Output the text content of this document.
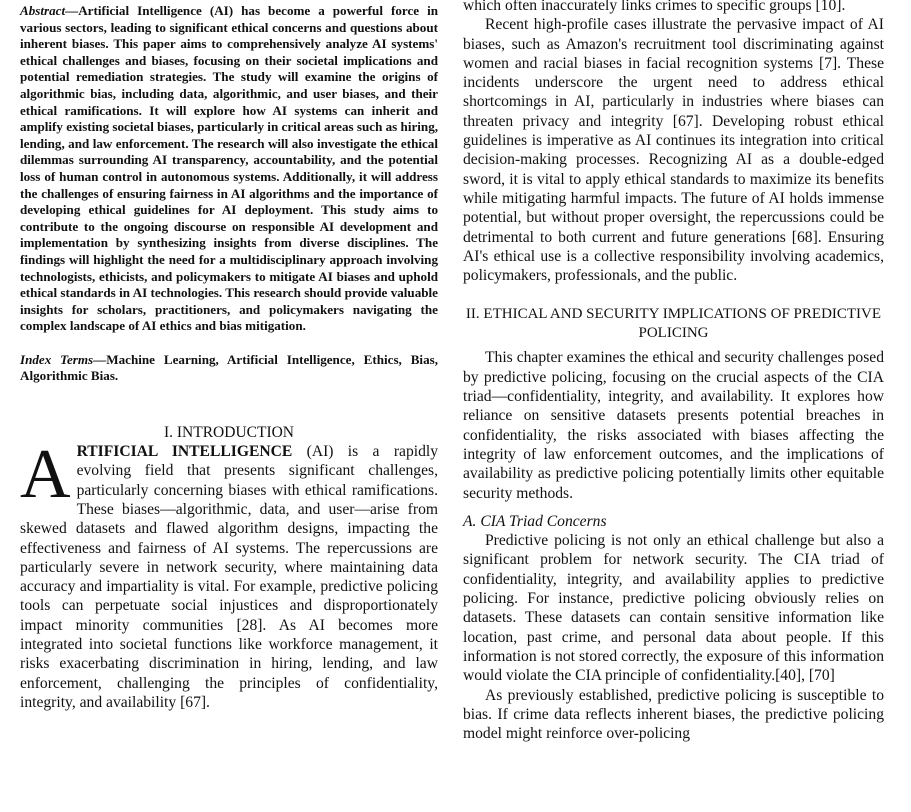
Abstract—Artificial Intelligence (AI) has become a powerful force in various sectors, leading to significant ethical concerns and questions about inherent biases. This paper aims to comprehensively analyze AI systems' ethical challenges and biases, focusing on their societal implications and potential remediation strategies. The study will examine the origins of algorithmic bias, including data, algorithmic, and user biases, and their ethical ramifications. It will explore how AI systems can inherit and amplify existing societal biases, particularly in critical areas such as hiring, lending, and law enforcement. The research will also investigate the ethical dilemmas surrounding AI transparency, accountability, and the potential loss of human control in autonomous systems. Additionally, it will address the challenges of ensuring fairness in AI algorithms and the importance of developing ethical guidelines for AI deployment. This study aims to contribute to the ongoing discourse on responsible AI development and implementation by synthesizing insights from diverse disciplines. The findings will highlight the need for a multidisciplinary approach involving technologists, ethicists, and policymakers to mitigate AI biases and uphold ethical standards in AI technologies. This research should provide valuable insights for scholars, practitioners, and policymakers navigating the complex landscape of AI ethics and bias mitigation.

Index Terms—Machine Learning, Artificial Intelligence, Ethics, Bias, Algorithmic Bias.

I. INTRODUCTION

ARTIFICIAL INTELLIGENCE (AI) is a rapidly evolving field that presents significant challenges, particularly concerning biases with ethical ramifications. These biases—algorithmic, data, and user—arise from skewed datasets and flawed algorithm designs, impacting the effectiveness and fairness of AI systems. The repercussions are particularly severe in network security, where maintaining data accuracy and impartiality is vital. For example, predictive policing tools can perpetuate social injustices and disproportionately impact minority communities [28]. As AI becomes more integrated into societal functions like workforce management, it risks exacerbating discrimination in hiring, lending, and law enforcement, challenging the principles of confidentiality, integrity, and availability [67].

which often inaccurately links crimes to specific groups [10].

Recent high-profile cases illustrate the pervasive impact of AI biases, such as Amazon's recruitment tool discriminating against women and racial biases in facial recognition systems [7]. These incidents underscore the urgent need to address ethical shortcomings in AI, particularly in industries where biases can threaten privacy and integrity [67]. Developing robust ethical guidelines is imperative as AI continues its integration into critical decision-making processes. Recognizing AI as a double-edged sword, it is vital to apply ethical standards to maximize its benefits while mitigating harmful impacts. The future of AI holds immense potential, but without proper oversight, the repercussions could be detrimental to both current and future generations [68]. Ensuring AI's ethical use is a collective responsibility involving academics, policymakers, professionals, and the public.

II. ETHICAL AND SECURITY IMPLICATIONS OF PREDICTIVE
POLICING

This chapter examines the ethical and security challenges posed by predictive policing, focusing on the crucial aspects of the CIA triad—confidentiality, integrity, and availability. It explores how reliance on sensitive datasets presents potential breaches in confidentiality, the risks associated with biases affecting the integrity of law enforcement outcomes, and the implications of availability as predictive policing potentially limits other equitable security methods.

A. CIA Triad Concerns

Predictive policing is not only an ethical challenge but also a significant problem for network security. The CIA triad of confidentiality, integrity, and availability applies to predictive policing. For instance, predictive policing obviously relies on datasets. These datasets can contain sensitive information like location, past crime, and personal data about people. If this information is not stored correctly, the exposure of this information would violate the CIA principle of confidentiality.[40], [70]

As previously established, predictive policing is susceptible to bias. If crime data reflects inherent biases, the predictive policing model might reinforce over-policing
